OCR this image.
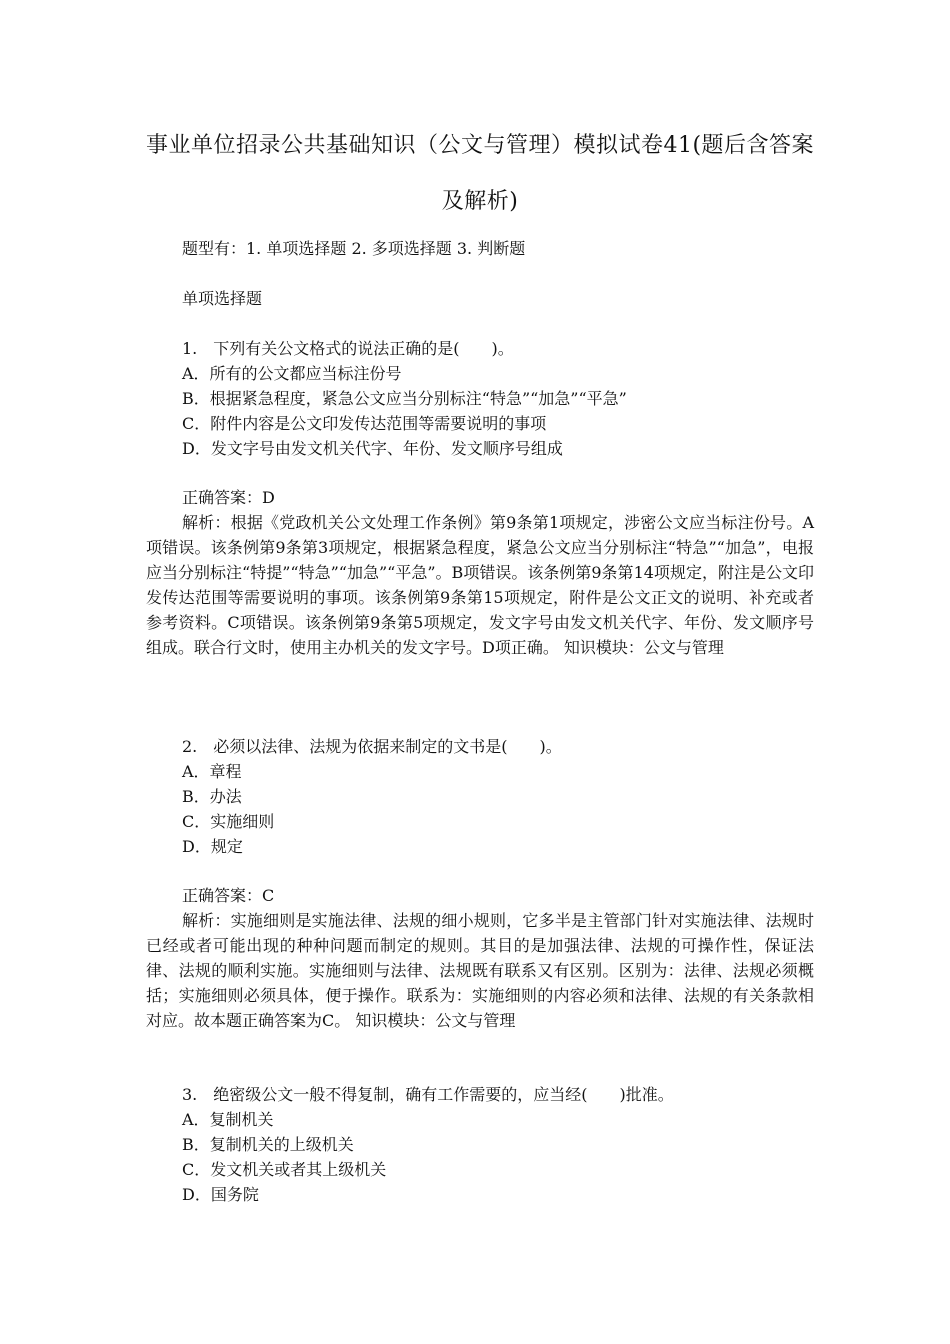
事业单位招录公共基础知识（公文与管理）模拟试卷41(题后含答案及解析)
题型有：1. 单项选择题 2. 多项选择题 3. 判断题
单项选择题
1.　下列有关公文格式的说法正确的是(　　)。
A．所有的公文都应当标注份号
B．根据紧急程度，紧急公文应当分别标注“特急”“加急”“平急”
C．附件内容是公文印发传达范围等需要说明的事项
D．发文字号由发文机关代字、年份、发文顺序号组成
正确答案：D
解析：根据《党政机关公文处理工作条例》第9条第1项规定，涉密公文应当标注份号。A项错误。该条例第9条第3项规定，根据紧急程度，紧急公文应当分别标注“特急”“加急”，电报应当分别标注“特提”“特急”“加急”“平急”。B项错误。该条例第9条第14项规定，附注是公文印发传达范围等需要说明的事项。该条例第9条第15项规定，附件是公文正文的说明、补充或者参考资料。C项错误。该条例第9条第5项规定，发文字号由发文机关代字、年份、发文顺序号组成。联合行文时，使用主办机关的发文字号。D项正确。 知识模块：公文与管理
2.　必须以法律、法规为依据来制定的文书是(　　)。
A．章程
B．办法
C．实施细则
D．规定
正确答案：C
解析：实施细则是实施法律、法规的细小规则，它多半是主管部门针对实施法律、法规时已经或者可能出现的种种问题而制定的规则。其目的是加强法律、法规的可操作性，保证法律、法规的顺利实施。实施细则与法律、法规既有联系又有区别。区别为：法律、法规必须概括；实施细则必须具体，便于操作。联系为：实施细则的内容必须和法律、法规的有关条款相对应。故本题正确答案为C。 知识模块：公文与管理
3.　绝密级公文一般不得复制，确有工作需要的，应当经(　　)批准。
A．复制机关
B．复制机关的上级机关
C．发文机关或者其上级机关
D．国务院
